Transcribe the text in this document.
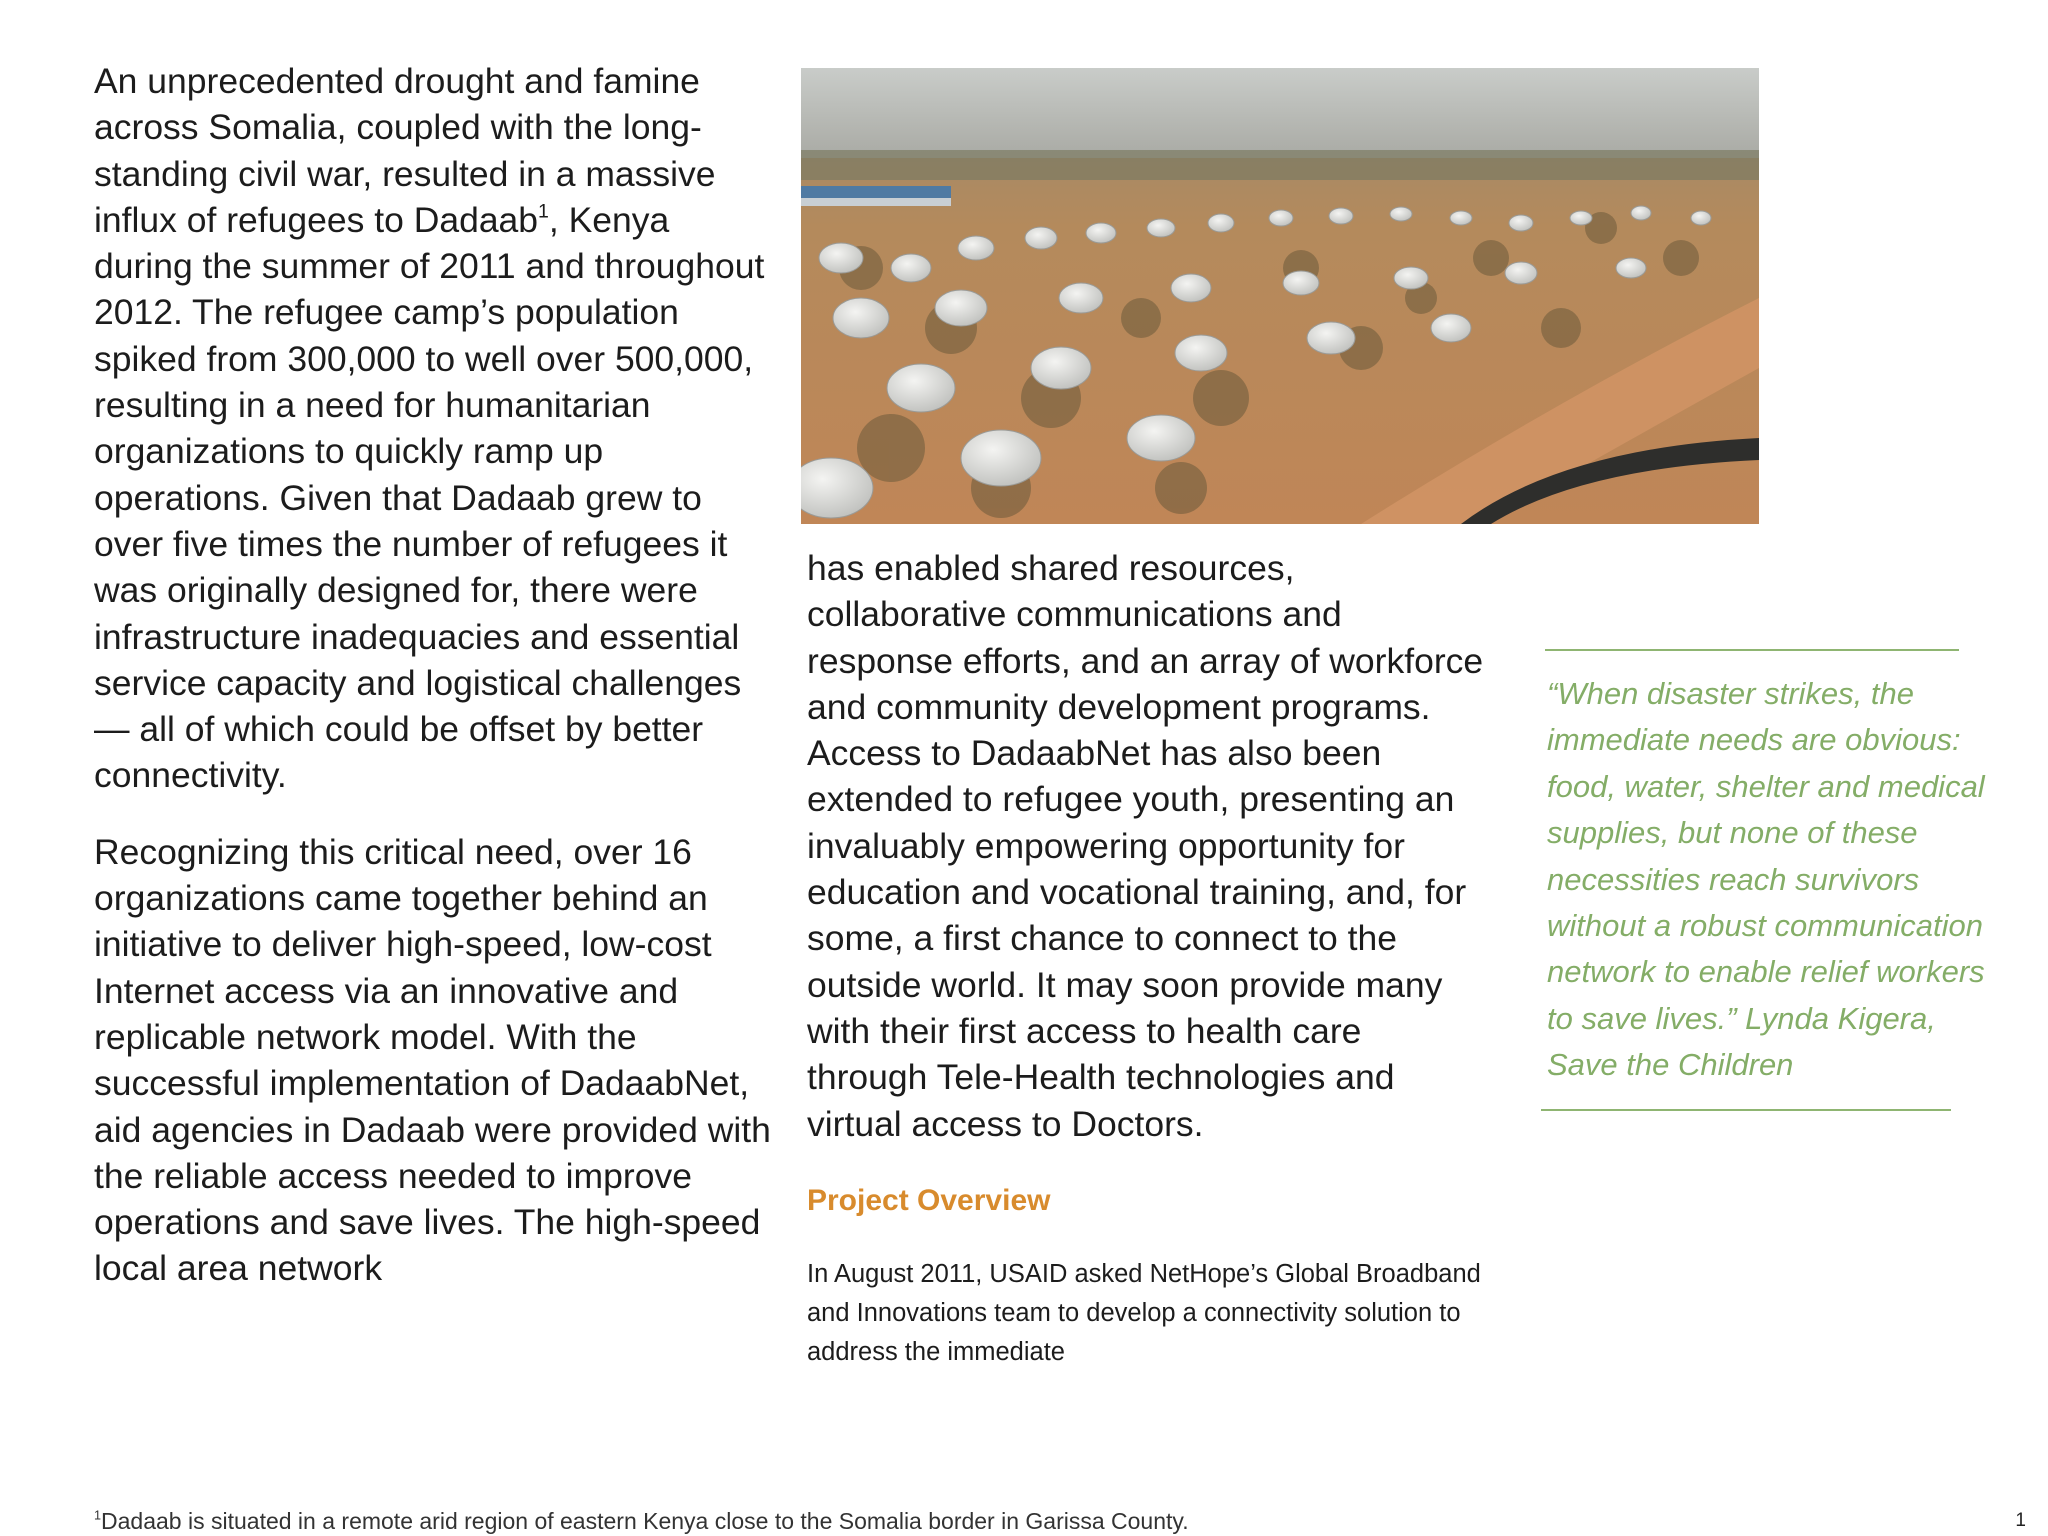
An unprecedented drought and famine across Somalia, coupled with the long-standing civil war, resulted in a massive influx of refugees to Dadaab$^1$, Kenya during the summer of 2011 and throughout 2012. The refugee camp’s population spiked from 300,000 to well over 500,000, resulting in a need for humanitarian organizations to quickly ramp up operations. Given that Dadaab grew to over five times the number of refugees it was originally designed for, there were infrastructure inadequacies and essential service capacity and logistical challenges — all of which could be offset by better connectivity.

Recognizing this critical need, over 16 organizations came together behind an initiative to deliver high-speed, low-cost Internet access via an innovative and replicable network model. With the successful implementation of DadaabNet, aid agencies in Dadaab were provided with the reliable access needed to improve operations and save lives. The high-speed local area network

has enabled shared resources, collaborative communications and response efforts, and an array of workforce and community development programs. Access to DadaabNet has also been extended to refugee youth, presenting an invaluably empowering opportunity for education and vocational training, and, for some, a first chance to connect to the outside world. It may soon provide many with their first access to health care through Tele-Health technologies and virtual access to Doctors.

Project Overview

In August 2011, USAID asked NetHope’s Global Broadband and Innovations team to develop a connectivity solution to address the immediate

“When disaster strikes, the immediate needs are obvious: food, water, shelter and medical supplies, but none of these necessities reach survivors without a robust communication network to enable relief workers to save lives.” Lynda Kigera, Save the Children

$^1$Dadaab is situated in a remote arid region of eastern Kenya close to the Somalia border in Garissa County.	1
